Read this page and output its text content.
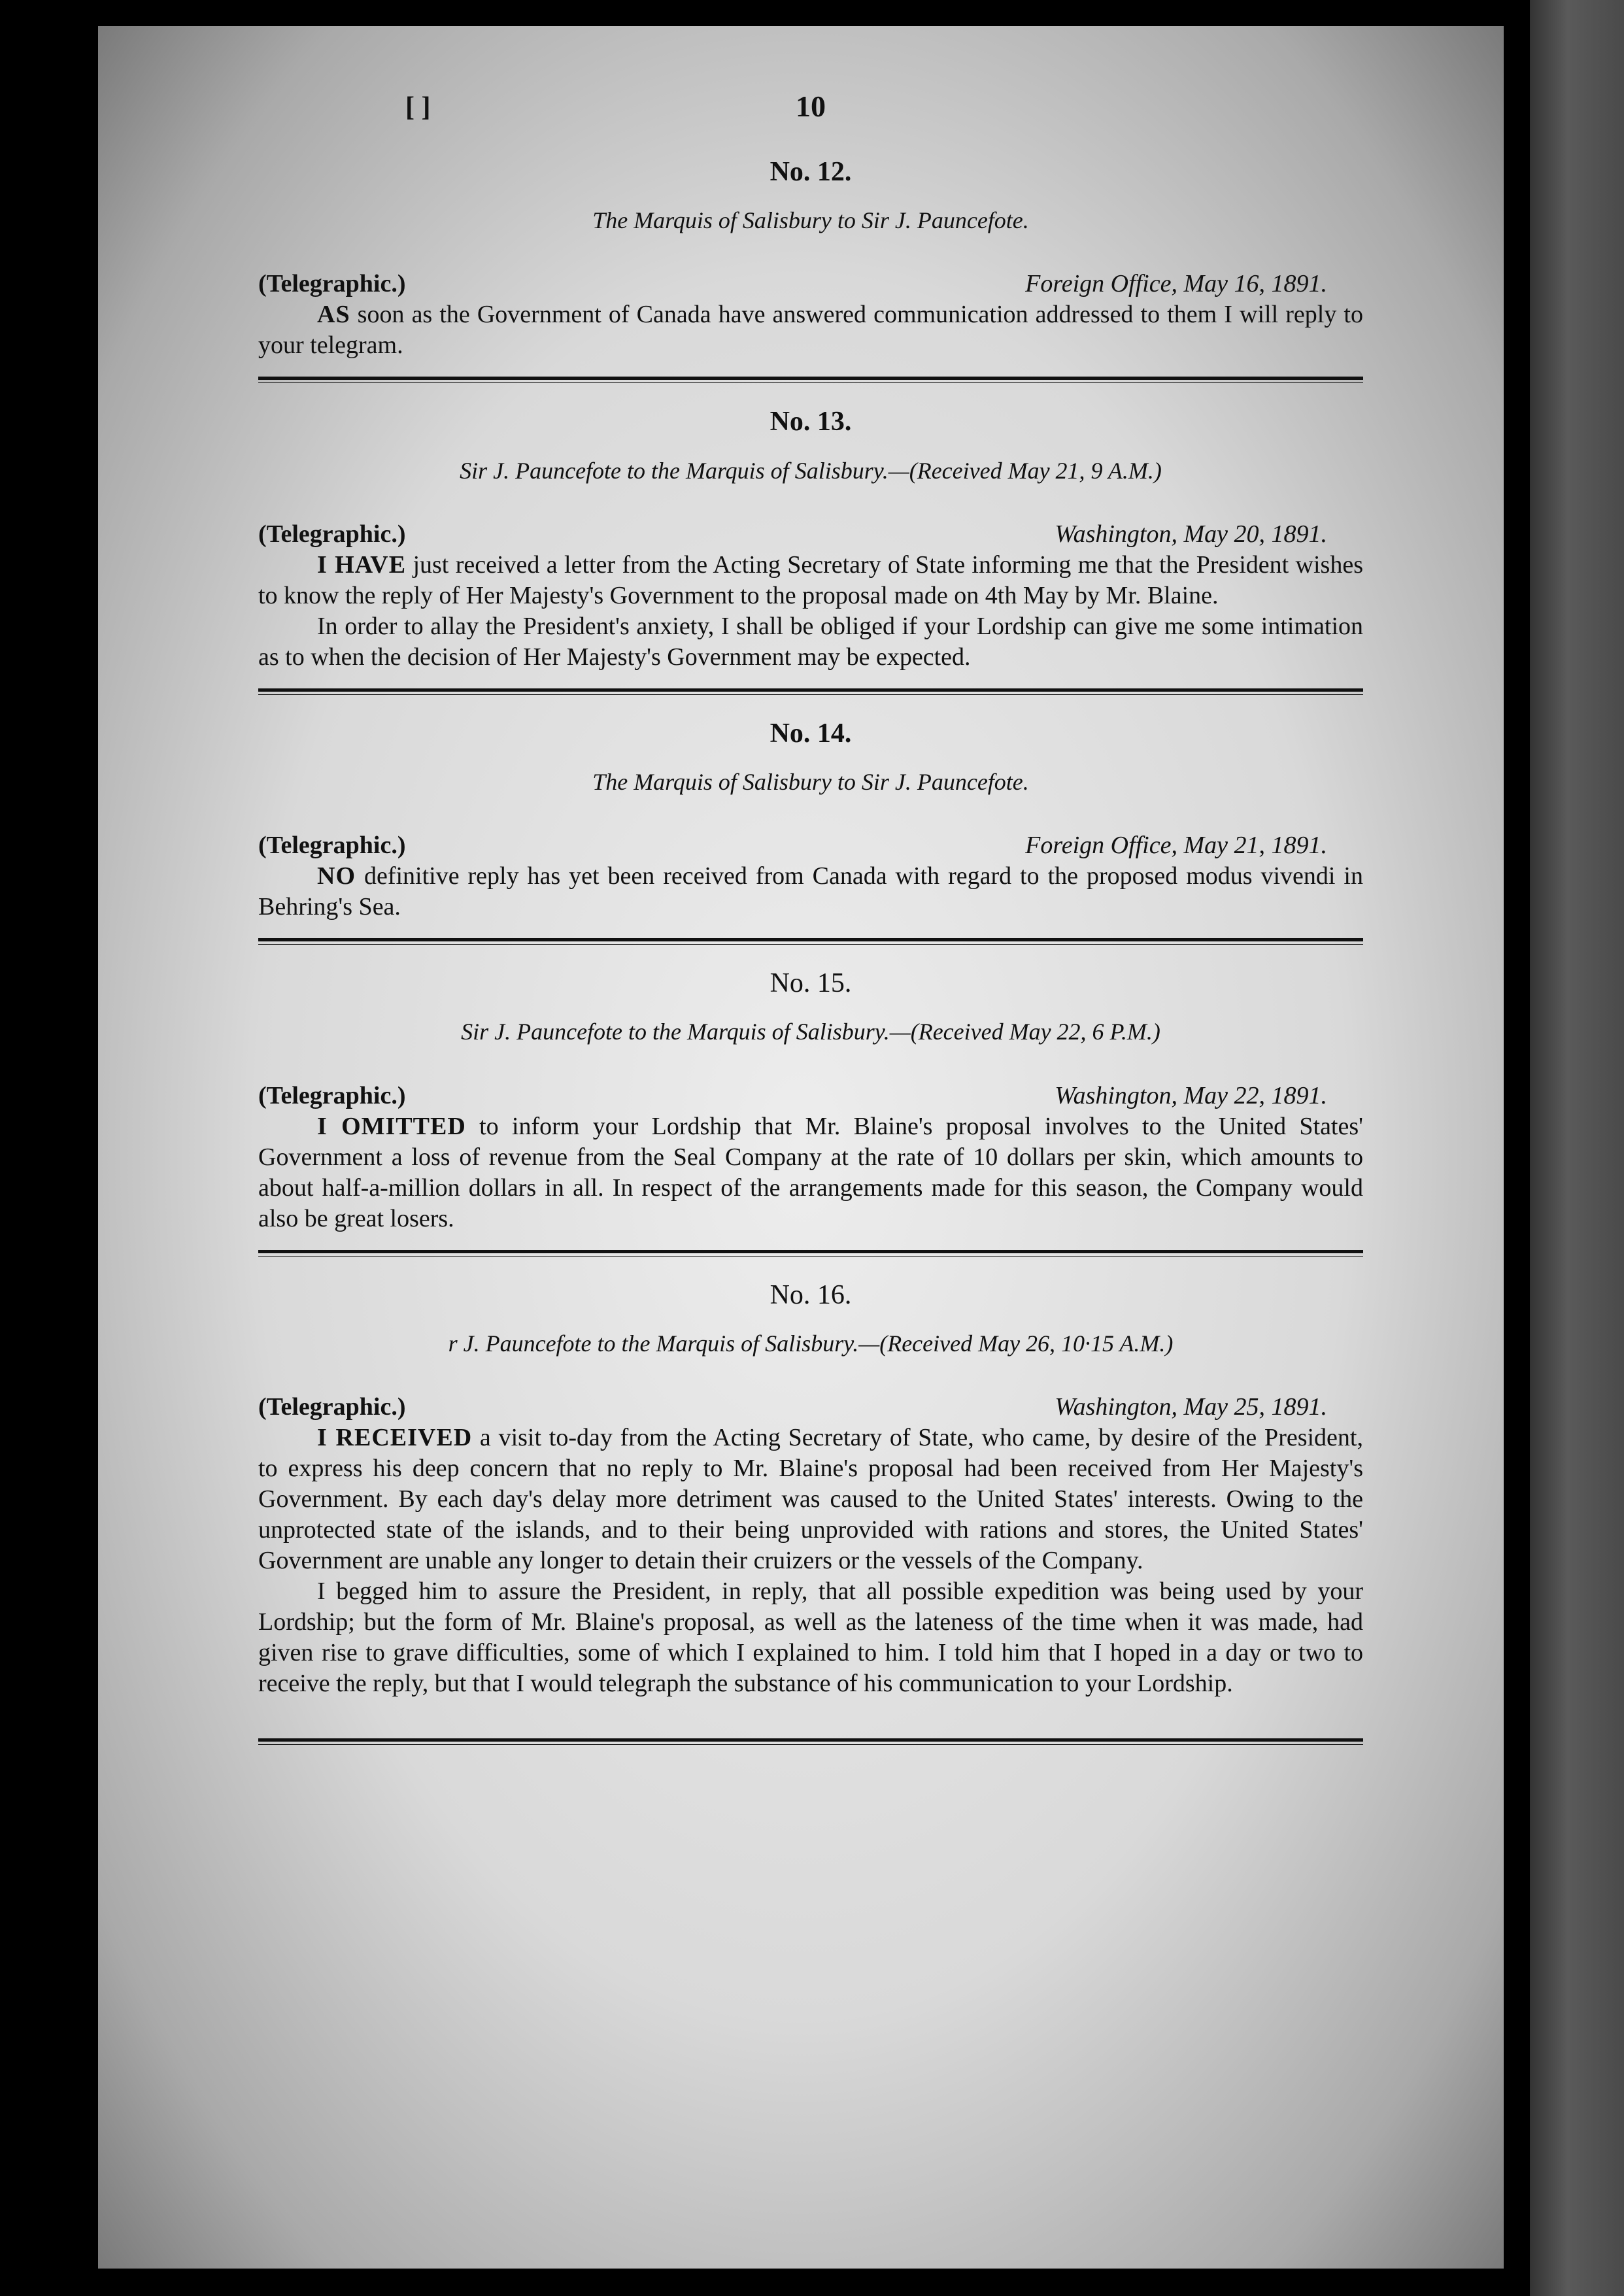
[ ]	10
No. 12.
The Marquis of Salisbury to Sir J. Pauncefote.
(Telegraphic.)	Foreign Office, May 16, 1891.

AS soon as the Government of Canada have answered communication addressed to them I will reply to your telegram.

No. 13.
Sir J. Pauncefote to the Marquis of Salisbury.—(Received May 21, 9 A.M.)
(Telegraphic.)	Washington, May 20, 1891.

I HAVE just received a letter from the Acting Secretary of State informing me that the President wishes to know the reply of Her Majesty's Government to the proposal made on 4th May by Mr. Blaine.

In order to allay the President's anxiety, I shall be obliged if your Lordship can give me some intimation as to when the decision of Her Majesty's Government may be expected.

No. 14.
The Marquis of Salisbury to Sir J. Pauncefote.
(Telegraphic.)	Foreign Office, May 21, 1891.

NO definitive reply has yet been received from Canada with regard to the proposed modus vivendi in Behring's Sea.

No. 15.
Sir J. Pauncefote to the Marquis of Salisbury.—(Received May 22, 6 P.M.)
(Telegraphic.)	Washington, May 22, 1891.

I OMITTED to inform your Lordship that Mr. Blaine's proposal involves to the United States' Government a loss of revenue from the Seal Company at the rate of 10 dollars per skin, which amounts to about half-a-million dollars in all. In respect of the arrangements made for this season, the Company would also be great losers.

No. 16.
r J. Pauncefote to the Marquis of Salisbury.—(Received May 26, 10·15 A.M.)
(Telegraphic.)	Washington, May 25, 1891.

I RECEIVED a visit to-day from the Acting Secretary of State, who came, by desire of the President, to express his deep concern that no reply to Mr. Blaine's proposal had been received from Her Majesty's Government. By each day's delay more detriment was caused to the United States' interests. Owing to the unprotected state of the islands, and to their being unprovided with rations and stores, the United States' Government are unable any longer to detain their cruizers or the vessels of the Company.

I begged him to assure the President, in reply, that all possible expedition was being used by your Lordship; but the form of Mr. Blaine's proposal, as well as the lateness of the time when it was made, had given rise to grave difficulties, some of which I explained to him. I told him that I hoped in a day or two to receive the reply, but that I would telegraph the substance of his communication to your Lordship.
